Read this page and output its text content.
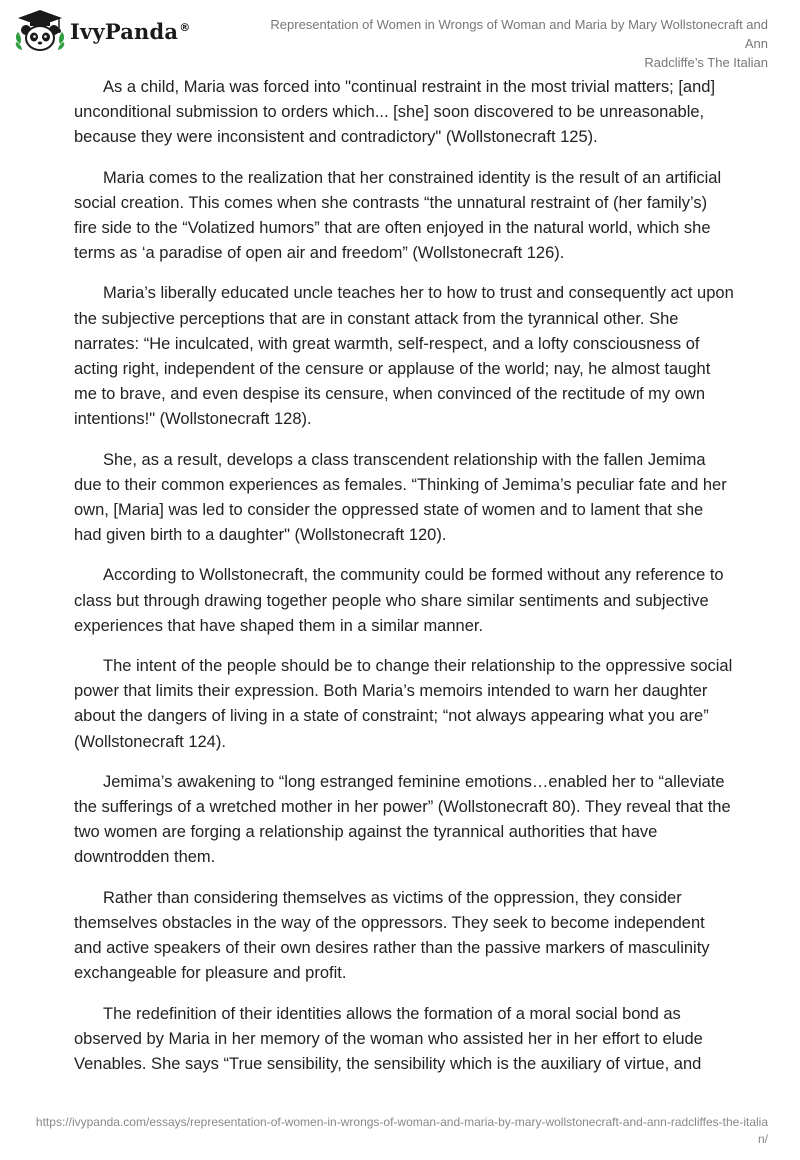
IvyPanda®	Representation of Women in Wrongs of Woman and Maria by Mary Wollstonecraft and Ann
Radcliffe’s The Italian

As a child, Maria was forced into "continual restraint in the most trivial matters; [and] unconditional submission to orders which... [she] soon discovered to be unreasonable, because they were inconsistent and contradictory" (Wollstonecraft 125).

Maria comes to the realization that her constrained identity is the result of an artificial social creation. This comes when she contrasts “the unnatural restraint of (her family’s) fire side to the “Volatized humors” that are often enjoyed in the natural world, which she terms as ‘a paradise of open air and freedom” (Wollstonecraft 126).

Maria’s liberally educated uncle teaches her to how to trust and consequently act upon the subjective perceptions that are in constant attack from the tyrannical other. She narrates: “He inculcated, with great warmth, self-respect, and a lofty consciousness of acting right, independent of the censure or applause of the world; nay, he almost taught me to brave, and even despise its censure, when convinced of the rectitude of my own intentions!" (Wollstonecraft 128).

She, as a result, develops a class transcendent relationship with the fallen Jemima due to their common experiences as females. “Thinking of Jemima’s peculiar fate and her own, [Maria] was led to consider the oppressed state of women and to lament that she had given birth to a daughter" (Wollstonecraft 120).

According to Wollstonecraft, the community could be formed without any reference to class but through drawing together people who share similar sentiments and subjective experiences that have shaped them in a similar manner.

The intent of the people should be to change their relationship to the oppressive social power that limits their expression. Both Maria’s memoirs intended to warn her daughter about the dangers of living in a state of constraint; “not always appearing what you are” (Wollstonecraft 124).

Jemima’s awakening to “long estranged feminine emotions…enabled her to “alleviate the sufferings of a wretched mother in her power” (Wollstonecraft 80). They reveal that the two women are forging a relationship against the tyrannical authorities that have downtrodden them.

Rather than considering themselves as victims of the oppression, they consider themselves obstacles in the way of the oppressors. They seek to become independent and active speakers of their own desires rather than the passive markers of masculinity exchangeable for pleasure and profit.

The redefinition of their identities allows the formation of a moral social bond as observed by Maria in her memory of the woman who assisted her in her effort to elude Venables. She says “True sensibility, the sensibility which is the auxiliary of virtue, and

https://ivypanda.com/essays/representation-of-women-in-wrongs-of-woman-and-maria-by-mary-wollstonecraft-and-ann-radcliffes-the-italian/
